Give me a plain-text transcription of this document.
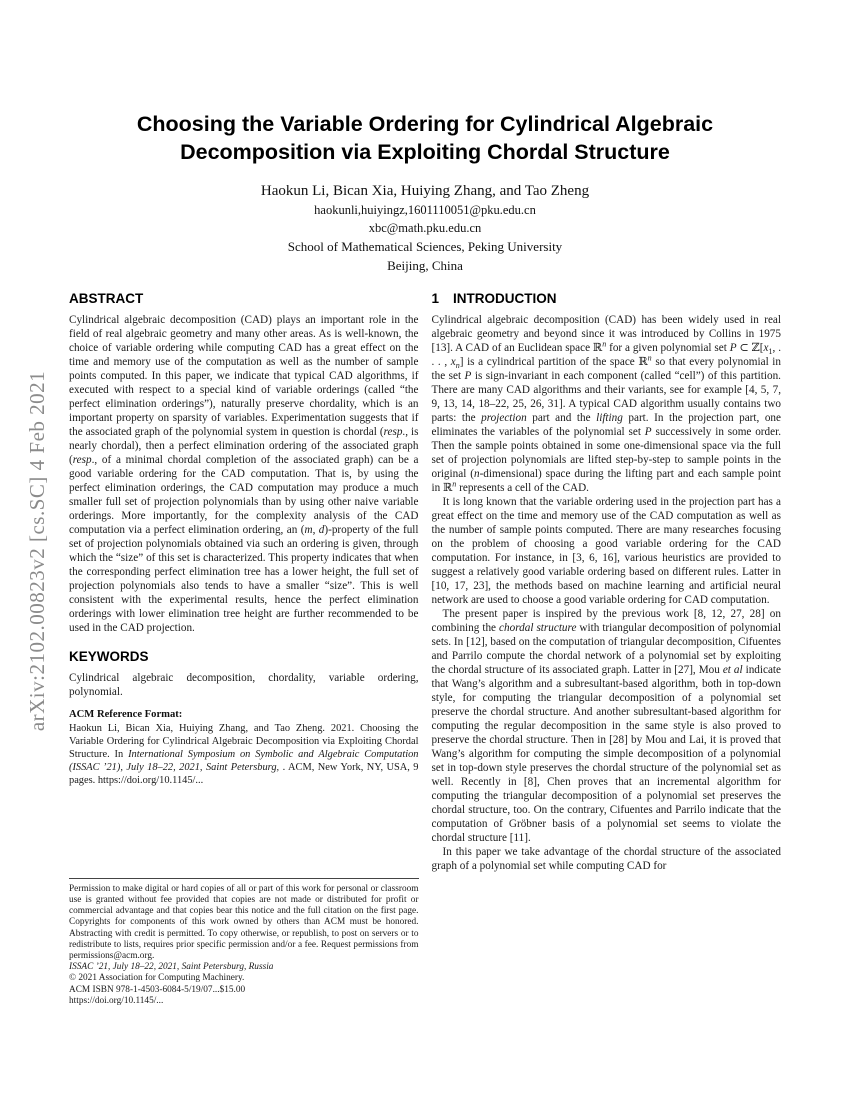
arXiv:2102.00823v2 [cs.SC] 4 Feb 2021
Choosing the Variable Ordering for Cylindrical Algebraic
Decomposition via Exploiting Chordal Structure
Haokun Li, Bican Xia, Huiying Zhang, and Tao Zheng
haokunli,huiyingz,1601110051@pku.edu.cn
xbc@math.pku.edu.cn
School of Mathematical Sciences, Peking University
Beijing, China
ABSTRACT

Cylindrical algebraic decomposition (CAD) plays an important role in the field of real algebraic geometry and many other areas. As is well-known, the choice of variable ordering while computing CAD has a great effect on the time and memory use of the computation as well as the number of sample points computed. In this paper, we indicate that typical CAD algorithms, if executed with respect to a special kind of variable orderings (called “the perfect elimination orderings”), naturally preserve chordality, which is an important property on sparsity of variables. Experimentation suggests that if the associated graph of the polynomial system in question is chordal (resp., is nearly chordal), then a perfect elimination ordering of the associated graph (resp., of a minimal chordal completion of the associated graph) can be a good variable ordering for the CAD computation. That is, by using the perfect elimination orderings, the CAD computation may produce a much smaller full set of projection polynomials than by using other naive variable orderings. More importantly, for the complexity analysis of the CAD computation via a perfect elimination ordering, an (m, d)-property of the full set of projection polynomials obtained via such an ordering is given, through which the “size” of this set is characterized. This property indicates that when the corresponding perfect elimination tree has a lower height, the full set of projection polynomials also tends to have a smaller “size”. This is well consistent with the experimental results, hence the perfect elimination orderings with lower elimination tree height are further recommended to be used in the CAD projection.

KEYWORDS

Cylindrical algebraic decomposition, chordality, variable ordering, polynomial.

ACM Reference Format:

Haokun Li, Bican Xia, Huiying Zhang, and Tao Zheng. 2021. Choosing the Variable Ordering for Cylindrical Algebraic Decomposition via Exploiting Chordal Structure. In International Symposium on Symbolic and Algebraic Computation (ISSAC ’21), July 18–22, 2021, Saint Petersburg, . ACM, New York, NY, USA, 9 pages. https://doi.org/10.1145/...

Permission to make digital or hard copies of all or part of this work for personal or classroom use is granted without fee provided that copies are not made or distributed for profit or commercial advantage and that copies bear this notice and the full citation on the first page. Copyrights for components of this work owned by others than ACM must be honored. Abstracting with credit is permitted. To copy otherwise, or republish, to post on servers or to redistribute to lists, requires prior specific permission and/or a fee. Request permissions from permissions@acm.org.

ISSAC ’21, July 18–22, 2021, Saint Petersburg, Russia

© 2021 Association for Computing Machinery.

ACM ISBN 978-1-4503-6084-5/19/07...$15.00

https://doi.org/10.1145/...

1 INTRODUCTION

Cylindrical algebraic decomposition (CAD) has been widely used in real algebraic geometry and beyond since it was introduced by Collins in 1975 [13]. A CAD of an Euclidean space ℝ$^n$ for a given polynomial set P ⊂ $ℤ[x_1$, . . . , $x_n$] is a cylindrical partition of the space ℝ$^n$ so that every polynomial in the set P is sign-invariant in each component (called “cell”) of this partition. There are many CAD algorithms and their variants, see for example [4, 5, 7, 9, 13, 14, 18–22, 25, 26, 31]. A typical CAD algorithm usually contains two parts: the projection part and the lifting part. In the projection part, one eliminates the variables of the polynomial set P successively in some order. Then the sample points obtained in some one-dimensional space via the full set of projection polynomials are lifted step-by-step to sample points in the original (n-dimensional) space during the lifting part and each sample point in ℝ$^n$ represents a cell of the CAD.

It is long known that the variable ordering used in the projection part has a great effect on the time and memory use of the CAD computation as well as the number of sample points computed. There are many researches focusing on the problem of choosing a good variable ordering for the CAD computation. For instance, in [3, 6, 16], various heuristics are provided to suggest a relatively good variable ordering based on different rules. Latter in [10, 17, 23], the methods based on machine learning and artificial neural network are used to choose a good variable ordering for CAD computation.

The present paper is inspired by the previous work [8, 12, 27, 28] on combining the chordal structure with triangular decomposition of polynomial sets. In [12], based on the computation of triangular decomposition, Cifuentes and Parrilo compute the chordal network of a polynomial set by exploiting the chordal structure of its associated graph. Latter in [27], Mou et al indicate that Wang’s algorithm and a subresultant-based algorithm, both in top-down style, for computing the triangular decomposition of a polynomial set preserve the chordal structure. And another subresultant-based algorithm for computing the regular decomposition in the same style is also proved to preserve the chordal structure. Then in [28] by Mou and Lai, it is proved that Wang’s algorithm for computing the simple decomposition of a polynomial set in top-down style preserves the chordal structure of the polynomial set as well. Recently in [8], Chen proves that an incremental algorithm for computing the triangular decomposition of a polynomial set preserves the chordal structure, too. On the contrary, Cifuentes and Parrilo indicate that the computation of Gröbner basis of a polynomial set seems to violate the chordal structure [11].

In this paper we take advantage of the chordal structure of the associated graph of a polynomial set while computing CAD for
